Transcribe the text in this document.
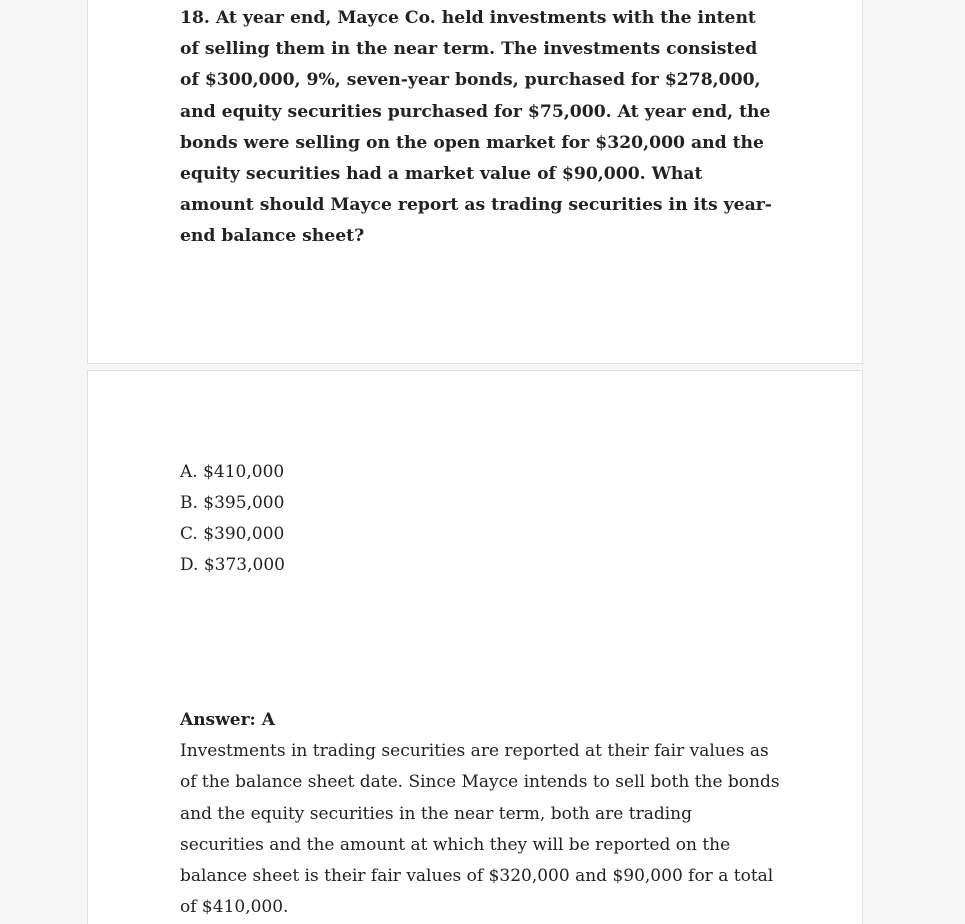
18. At year end, Mayce Co. held investments with the intent of selling them in the near term. The investments consisted of $300,000, 9%, seven-year bonds, purchased for $278,000, and equity securities purchased for $75,000. At year end, the bonds were selling on the open market for $320,000 and the equity securities had a market value of $90,000. What amount should Mayce report as trading securities in its year-end balance sheet?

A. $410,000
B. $395,000
C. $390,000
D. $373,000

Answer: A

Investments in trading securities are reported at their fair values as of the balance sheet date. Since Mayce intends to sell both the bonds and the equity securities in the near term, both are trading securities and the amount at which they will be reported on the balance sheet is their fair values of $320,000 and $90,000 for a total of $410,000.
